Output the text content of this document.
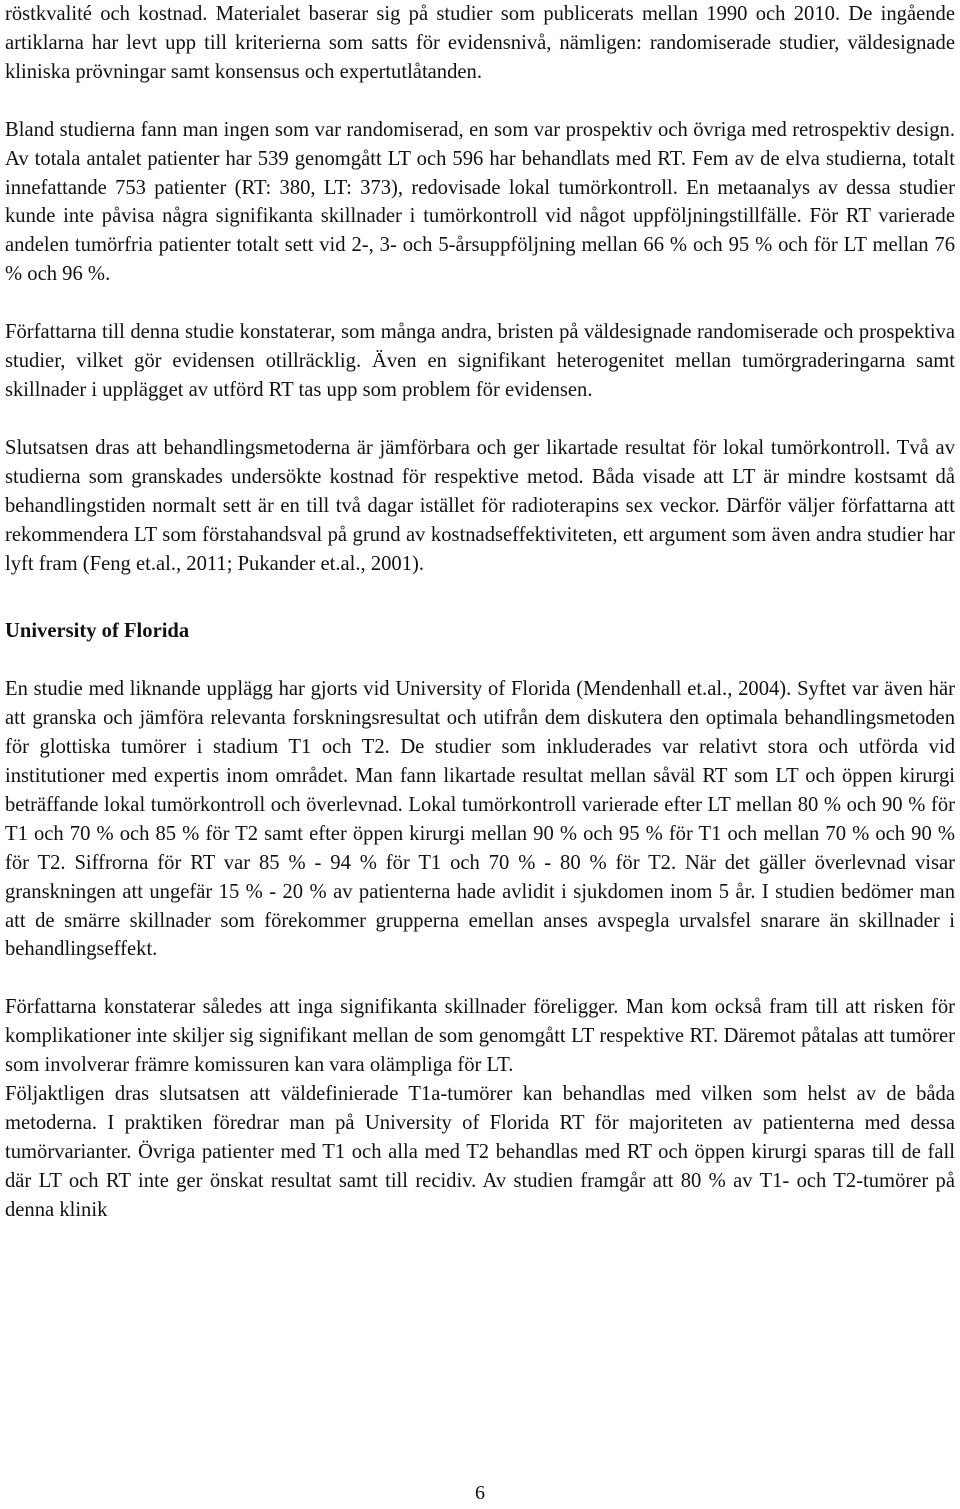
röstkvalité och kostnad. Materialet baserar sig på studier som publicerats mellan 1990 och 2010. De ingående artiklarna har levt upp till kriterierna som satts för evidensnivå, nämligen: randomiserade studier, väldesignade kliniska prövningar samt konsensus och expertutlåtanden.

Bland studierna fann man ingen som var randomiserad, en som var prospektiv och övriga med retrospektiv design. Av totala antalet patienter har 539 genomgått LT och 596 har behandlats med RT. Fem av de elva studierna, totalt innefattande 753 patienter (RT: 380, LT: 373), redovisade lokal tumörkontroll. En metaanalys av dessa studier kunde inte påvisa några signifikanta skillnader i tumörkontroll vid något uppföljningstillfälle. För RT varierade andelen tumörfria patienter totalt sett vid 2-, 3- och 5-årsuppföljning mellan 66 % och 95 % och för LT mellan 76 % och 96 %.

Författarna till denna studie konstaterar, som många andra, bristen på väldesignade randomiserade och prospektiva studier, vilket gör evidensen otillräcklig. Även en signifikant heterogenitet mellan tumörgraderingarna samt skillnader i upplägget av utförd RT tas upp som problem för evidensen.

Slutsatsen dras att behandlingsmetoderna är jämförbara och ger likartade resultat för lokal tumörkontroll. Två av studierna som granskades undersökte kostnad för respektive metod. Båda visade att LT är mindre kostsamt då behandlingstiden normalt sett är en till två dagar istället för radioterapins sex veckor. Därför väljer författarna att rekommendera LT som förstahandsval på grund av kostnadseffektiviteten, ett argument som även andra studier har lyft fram (Feng et.al., 2011; Pukander et.al., 2001).

University of Florida

En studie med liknande upplägg har gjorts vid University of Florida (Mendenhall et.al., 2004). Syftet var även här att granska och jämföra relevanta forskningsresultat och utifrån dem diskutera den optimala behandlingsmetoden för glottiska tumörer i stadium T1 och T2. De studier som inkluderades var relativt stora och utförda vid institutioner med expertis inom området. Man fann likartade resultat mellan såväl RT som LT och öppen kirurgi beträffande lokal tumörkontroll och överlevnad. Lokal tumörkontroll varierade efter LT mellan 80 % och 90 % för T1 och 70 % och 85 % för T2 samt efter öppen kirurgi mellan 90 % och 95 % för T1 och mellan 70 % och 90 % för T2. Siffrorna för RT var 85 % - 94 % för T1 och 70 % - 80 % för T2. När det gäller överlevnad visar granskningen att ungefär 15 % - 20 % av patienterna hade avlidit i sjukdomen inom 5 år. I studien bedömer man att de smärre skillnader som förekommer grupperna emellan anses avspegla urvalsfel snarare än skillnader i behandlingseffekt.

Författarna konstaterar således att inga signifikanta skillnader föreligger. Man kom också fram till att risken för komplikationer inte skiljer sig signifikant mellan de som genomgått LT respektive RT. Däremot påtalas att tumörer som involverar främre komissuren kan vara olämpliga för LT.

Följaktligen dras slutsatsen att väldefinierade T1a-tumörer kan behandlas med vilken som helst av de båda metoderna. I praktiken föredrar man på University of Florida RT för majoriteten av patienterna med dessa tumörvarianter. Övriga patienter med T1 och alla med T2 behandlas med RT och öppen kirurgi sparas till de fall där LT och RT inte ger önskat resultat samt till recidiv. Av studien framgår att 80 % av T1- och T2-tumörer på denna klinik

6
